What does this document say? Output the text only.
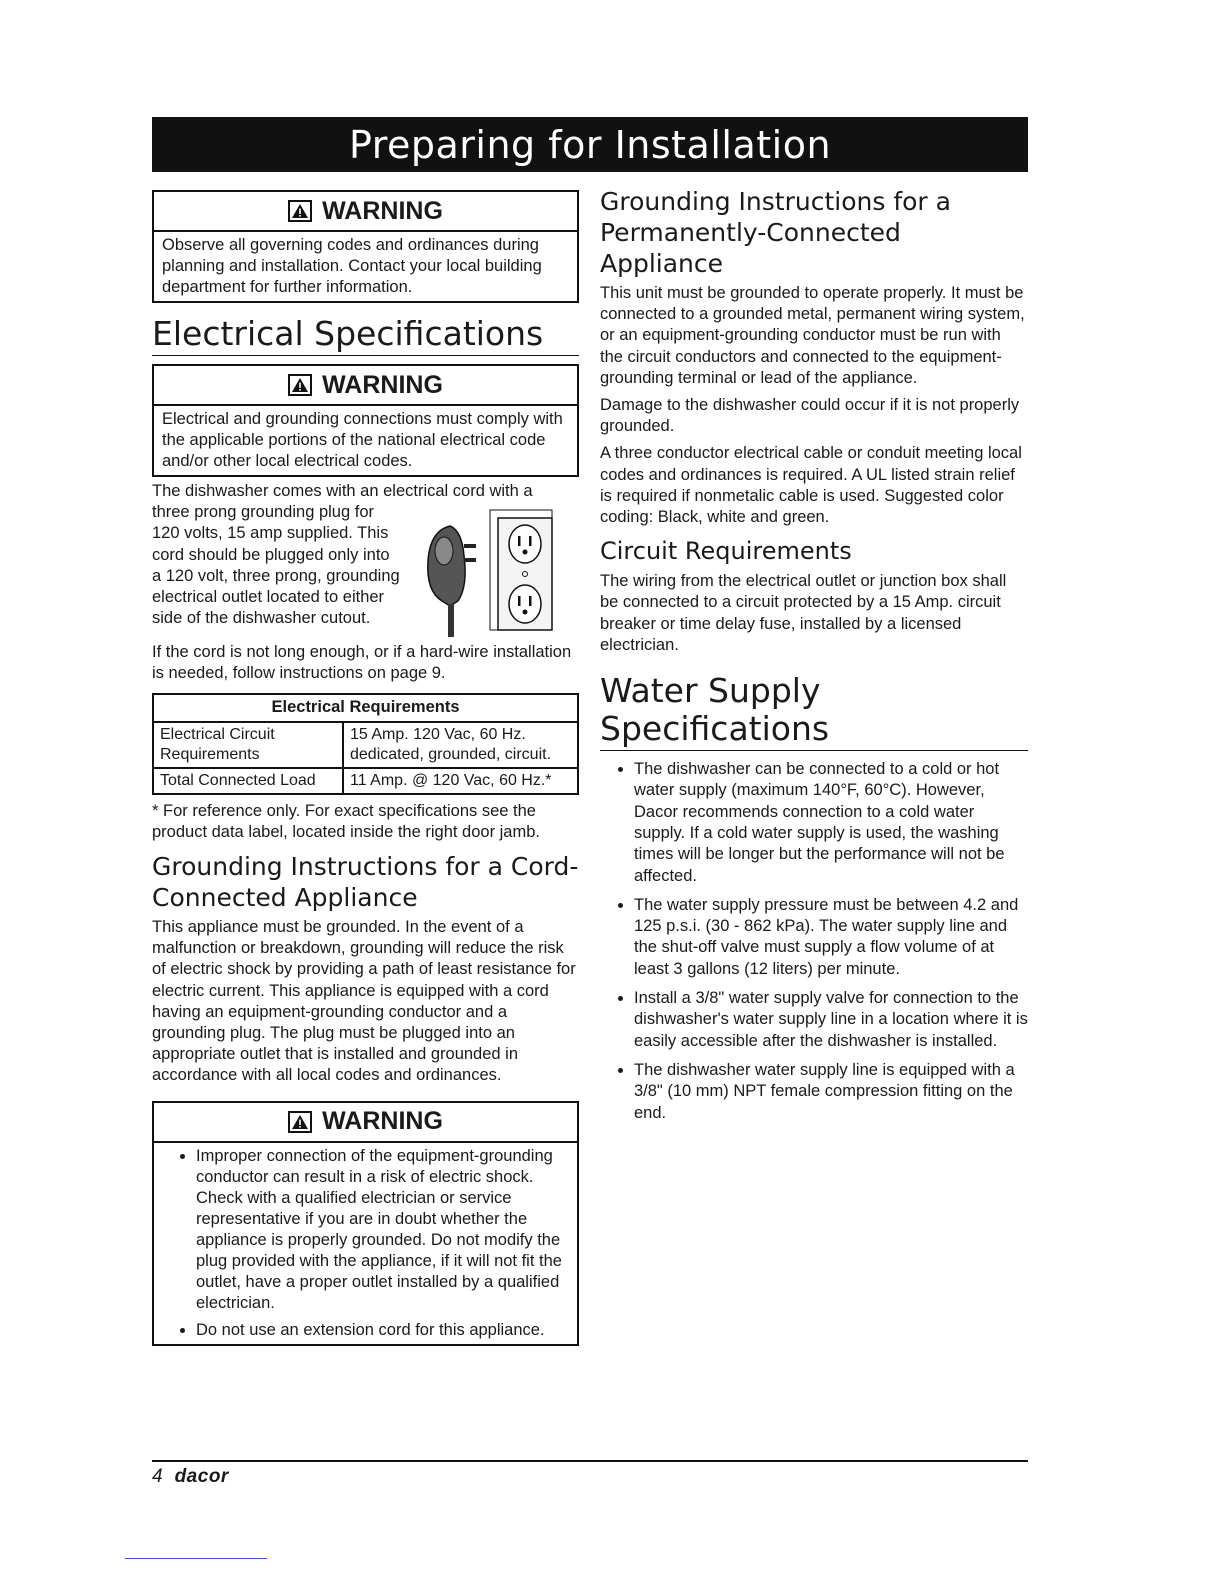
Preparing for Installation
WARNING
Observe all governing codes and ordinances during planning and installation. Contact your local building department for further information.
Electrical Specifications
WARNING
Electrical and grounding connections must comply with the applicable portions of the national electrical code and/or other local electrical codes.

The dishwasher comes with an electrical cord with a

three prong grounding plug for 120 volts, 15 amp supplied. This cord should be plugged only into a 120 volt, three prong, grounding electrical outlet located to either side of the dishwasher cutout.

If the cord is not long enough, or if a hard-wire installation is needed, follow instructions on page 9.

Electrical Requirements	
Electrical Circuit Requirements	15 Amp. 120 Vac, 60 Hz. dedicated, grounded, circuit.
Total Connected Load	11 Amp. @ 120 Vac, 60 Hz.*

* For reference only. For exact specifications see the product data label, located inside the right door jamb.

Grounding Instructions for a Cord-Connected Appliance

This appliance must be grounded. In the event of a malfunction or breakdown, grounding will reduce the risk of electric shock by providing a path of least resistance for electric current. This appliance is equipped with a cord having an equipment-grounding conductor and a grounding plug. The plug must be plugged into an appropriate outlet that is installed and grounded in accordance with all local codes and ordinances.

WARNING
• Improper connection of the equipment-grounding conductor can result in a risk of electric shock. Check with a qualified electrician or service representative if you are in doubt whether the appliance is properly grounded. Do not modify the plug provided with the appliance, if it will not fit the outlet, have a proper outlet installed by a qualified electrician.
• Do not use an extension cord for this appliance.
Grounding Instructions for a Permanently-Connected Appliance

This unit must be grounded to operate properly. It must be connected to a grounded metal, permanent wiring system, or an equipment-grounding conductor must be run with the circuit conductors and connected to the equipment-grounding terminal or lead of the appliance.

Damage to the dishwasher could occur if it is not properly grounded.

A three conductor electrical cable or conduit meeting local codes and ordinances is required. A UL listed strain relief is required if nonmetalic cable is used. Suggested color coding: Black, white and green.

Circuit Requirements

The wiring from the electrical outlet or junction box shall be connected to a circuit protected by a 15 Amp. circuit breaker or time delay fuse, installed by a licensed electrician.

Water Supply Specifications
• The dishwasher can be connected to a cold or hot water supply (maximum 140°F, 60°C). However, Dacor recommends connection to a cold water supply. If a cold water supply is used, the washing times will be longer but the performance will not be affected.
• The water supply pressure must be between 4.2 and 125 p.s.i. (30 - 862 kPa). The water supply line and the shut-off valve must supply a flow volume of at least 3 gallons (12 liters) per minute.
• Install a 3/8" water supply valve for connection to the dishwasher's water supply line in a location where it is easily accessible after the dishwasher is installed.
• The dishwasher water supply line is equipped with a 3/8" (10 mm) NPT female compression fitting on the end.
4 dacor
